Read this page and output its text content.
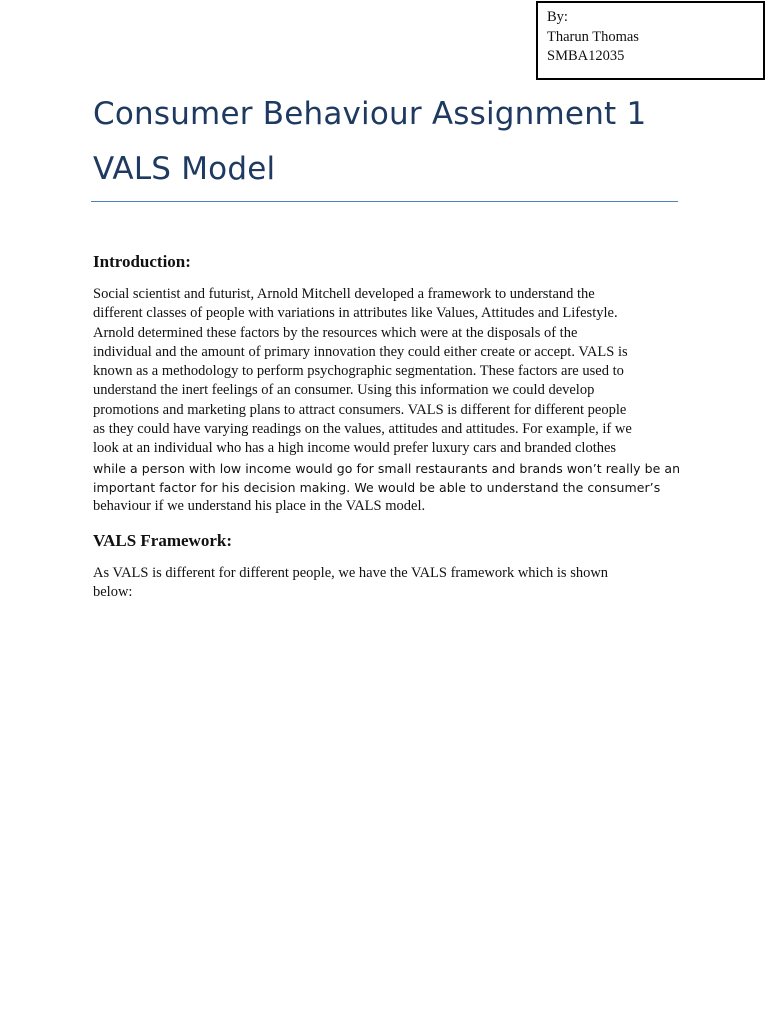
By:
Tharun Thomas
SMBA12035
Consumer Behaviour Assignment 1
VALS Model
Introduction:
Social scientist and futurist, Arnold Mitchell developed a framework to understand the
different classes of people with variations in attributes like Values, Attitudes and Lifestyle.
Arnold determined these factors by the resources which were at the disposals of the
individual and the amount of primary innovation they could either create or accept. VALS is
known as a methodology to perform psychographic segmentation. These factors are used to
understand the inert feelings of an consumer. Using this information we could develop
promotions and marketing plans to attract consumers. VALS is different for different people
as they could have varying readings on the values, attitudes and attitudes. For example, if we
look at an individual who has a high income would prefer luxury cars and branded clothes
while a person with low income would go for small restaurants and brands won’t really be an
important factor for his decision making. We would be able to understand the consumer’s
behaviour if we understand his place in the VALS model.
VALS Framework:
As VALS is different for different people, we have the VALS framework which is shown
below:
